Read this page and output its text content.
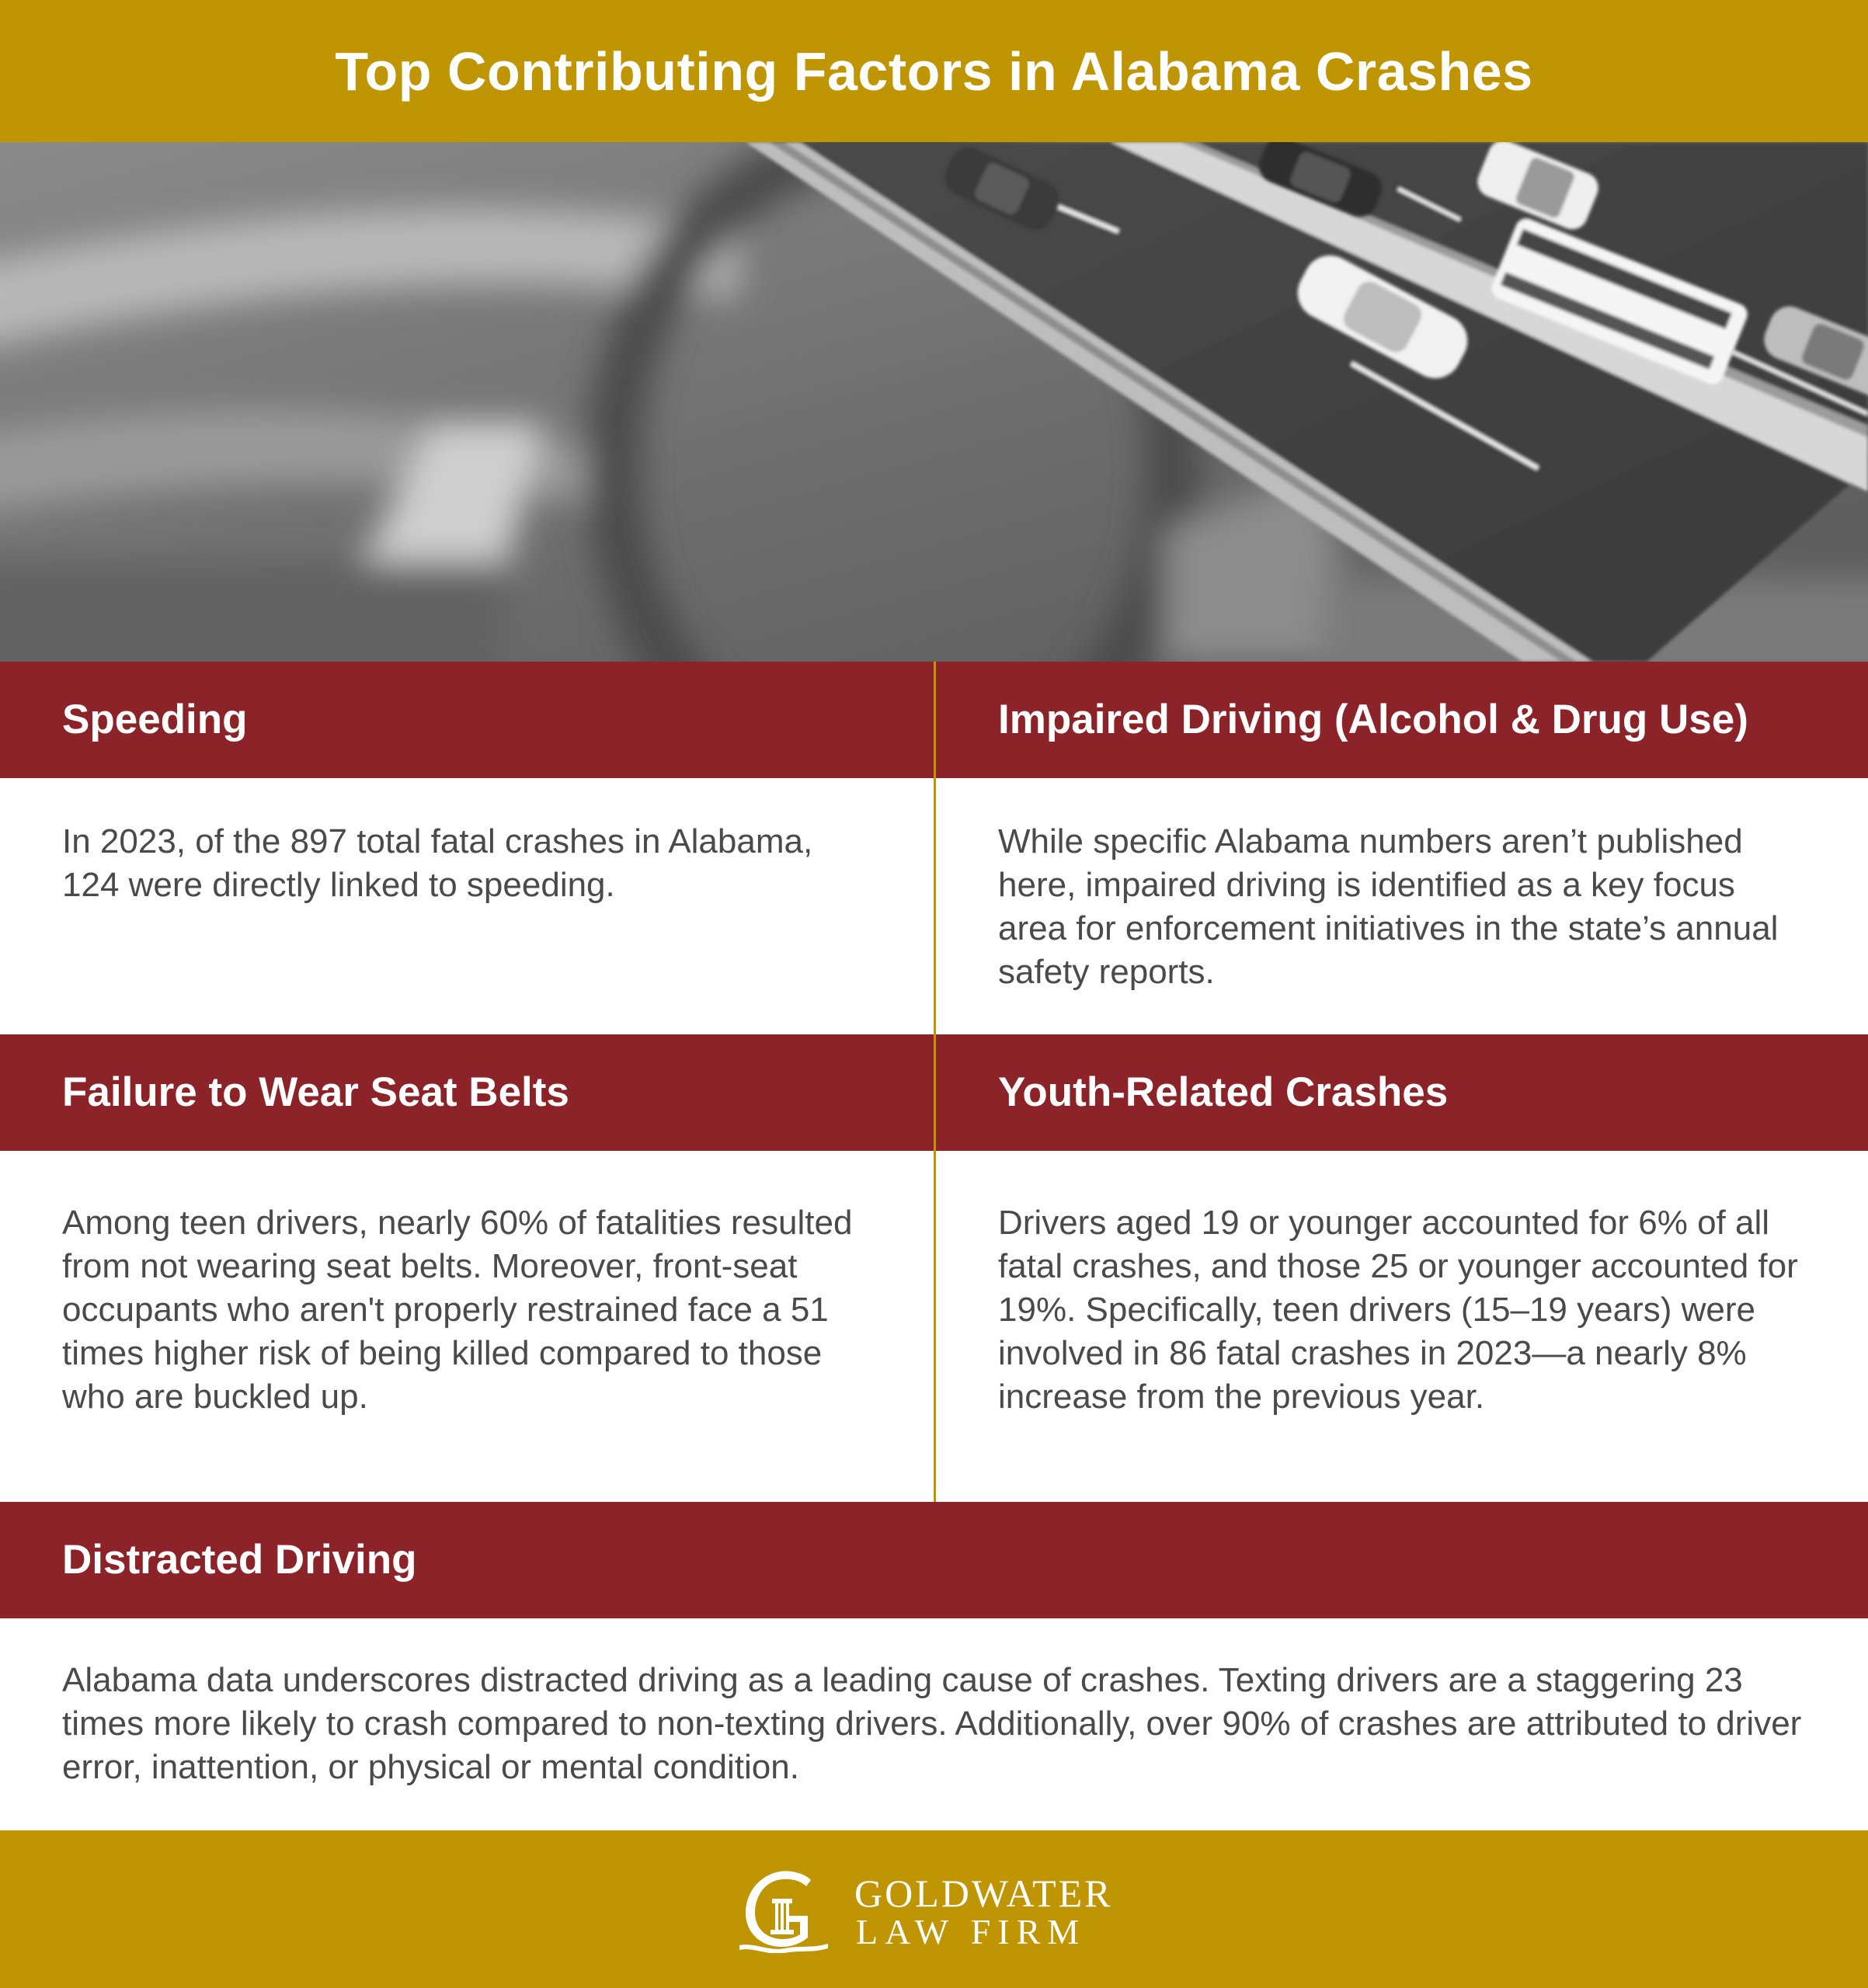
Top Contributing Factors in Alabama Crashes
Speeding

In 2023, of the 897 total fatal crashes in Alabama, 124 were directly linked to speeding.

Impaired Driving (Alcohol & Drug Use)

While specific Alabama numbers aren’t published here, impaired driving is identified as a key focus area for enforcement initiatives in the state’s annual safety reports.

Failure to Wear Seat Belts

Among teen drivers, nearly 60% of fatalities resulted from not wearing seat belts. Moreover, front-seat occupants who aren't properly restrained face a 51 times higher risk of being killed compared to those who are buckled up.

Youth-Related Crashes

Drivers aged 19 or younger accounted for 6% of all fatal crashes, and those 25 or younger accounted for 19%. Specifically, teen drivers (15–19 years) were involved in 86 fatal crashes in 2023—a nearly 8% increase from the previous year.

Distracted Driving

Alabama data underscores distracted driving as a leading cause of crashes. Texting drivers are a staggering 23 times more likely to crash compared to non-texting drivers. Additionally, over 90% of crashes are attributed to driver error, inattention, or physical or mental condition.

GOLDWATER
LAW FIRM
